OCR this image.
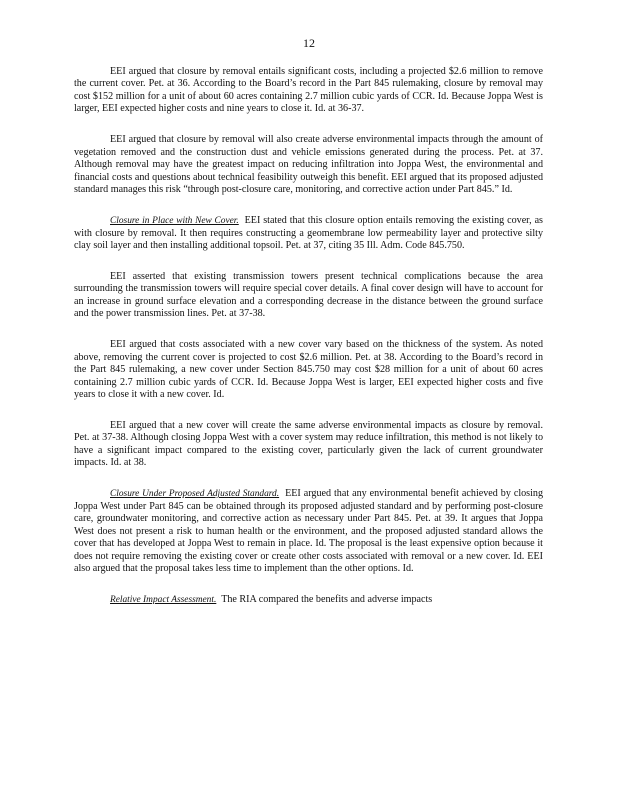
12

EEI argued that closure by removal entails significant costs, including a projected $2.6 million to remove the current cover. Pet. at 36. According to the Board’s record in the Part 845 rulemaking, closure by removal may cost $152 million for a unit of about 60 acres containing 2.7 million cubic yards of CCR. Id. Because Joppa West is larger, EEI expected higher costs and nine years to close it. Id. at 36-37.

EEI argued that closure by removal will also create adverse environmental impacts through the amount of vegetation removed and the construction dust and vehicle emissions generated during the process. Pet. at 37. Although removal may have the greatest impact on reducing infiltration into Joppa West, the environmental and financial costs and questions about technical feasibility outweigh this benefit. EEI argued that its proposed adjusted standard manages this risk “through post-closure care, monitoring, and corrective action under Part 845.” Id.

Closure in Place with New Cover. EEI stated that this closure option entails removing the existing cover, as with closure by removal. It then requires constructing a geomembrane low permeability layer and protective silty clay soil layer and then installing additional topsoil. Pet. at 37, citing 35 Ill. Adm. Code 845.750.

EEI asserted that existing transmission towers present technical complications because the area surrounding the transmission towers will require special cover details. A final cover design will have to account for an increase in ground surface elevation and a corresponding decrease in the distance between the ground surface and the power transmission lines. Pet. at 37-38.

EEI argued that costs associated with a new cover vary based on the thickness of the system. As noted above, removing the current cover is projected to cost $2.6 million. Pet. at 38. According to the Board’s record in the Part 845 rulemaking, a new cover under Section 845.750 may cost $28 million for a unit of about 60 acres containing 2.7 million cubic yards of CCR. Id. Because Joppa West is larger, EEI expected higher costs and five years to close it with a new cover. Id.

EEI argued that a new cover will create the same adverse environmental impacts as closure by removal. Pet. at 37-38. Although closing Joppa West with a cover system may reduce infiltration, this method is not likely to have a significant impact compared to the existing cover, particularly given the lack of current groundwater impacts. Id. at 38.

Closure Under Proposed Adjusted Standard. EEI argued that any environmental benefit achieved by closing Joppa West under Part 845 can be obtained through its proposed adjusted standard and by performing post-closure care, groundwater monitoring, and corrective action as necessary under Part 845. Pet. at 39. It argues that Joppa West does not present a risk to human health or the environment, and the proposed adjusted standard allows the cover that has developed at Joppa West to remain in place. Id. The proposal is the least expensive option because it does not require removing the existing cover or create other costs associated with removal or a new cover. Id. EEI also argued that the proposal takes less time to implement than the other options. Id.

Relative Impact Assessment. The RIA compared the benefits and adverse impacts
